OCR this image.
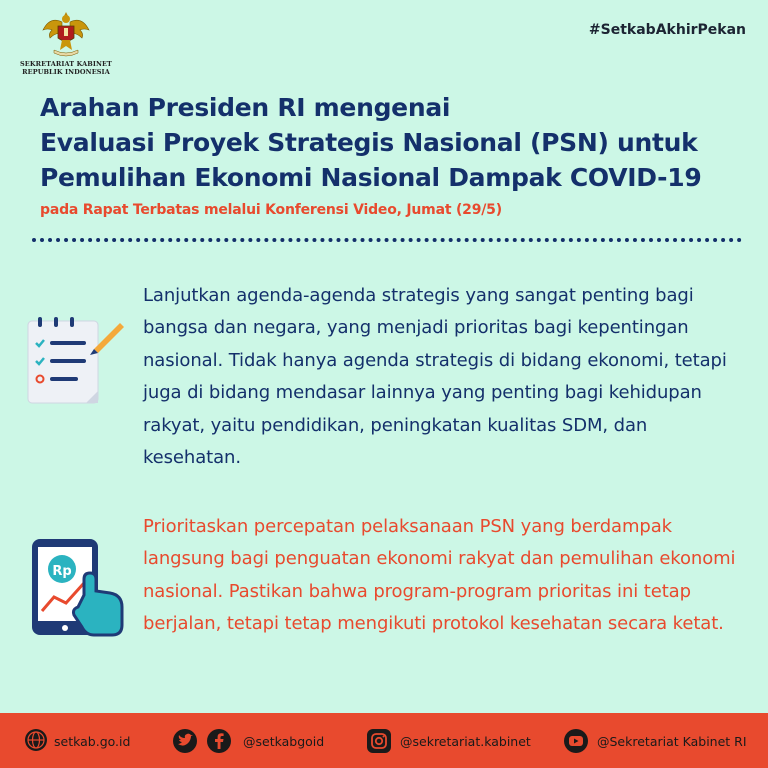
SEKRETARIAT KABINET
REPUBLIK INDONESIA
#SetkabAkhirPekan
Arahan Presiden RI mengenai
Evaluasi Proyek Strategis Nasional (PSN) untuk
Pemulihan Ekonomi Nasional Dampak COVID-19
pada Rapat Terbatas melalui Konferensi Video, Jumat (29/5)
Lanjutkan agenda-agenda strategis yang sangat penting bagi bangsa dan negara, yang menjadi prioritas bagi kepentingan nasional. Tidak hanya agenda strategis di bidang ekonomi, tetapi juga di bidang mendasar lainnya yang penting bagi kehidupan rakyat, yaitu pendidikan, peningkatan kualitas SDM, dan kesehatan.
Rp
Prioritaskan percepatan pelaksanaan PSN yang berdampak langsung bagi penguatan ekonomi rakyat dan pemulihan ekonomi nasional. Pastikan bahwa program-program prioritas ini tetap berjalan, tetapi tetap mengikuti protokol kesehatan secara ketat.
setkab.go.id	@setkabgoid	@sekretariat.kabinet	@Sekretariat Kabinet RI
